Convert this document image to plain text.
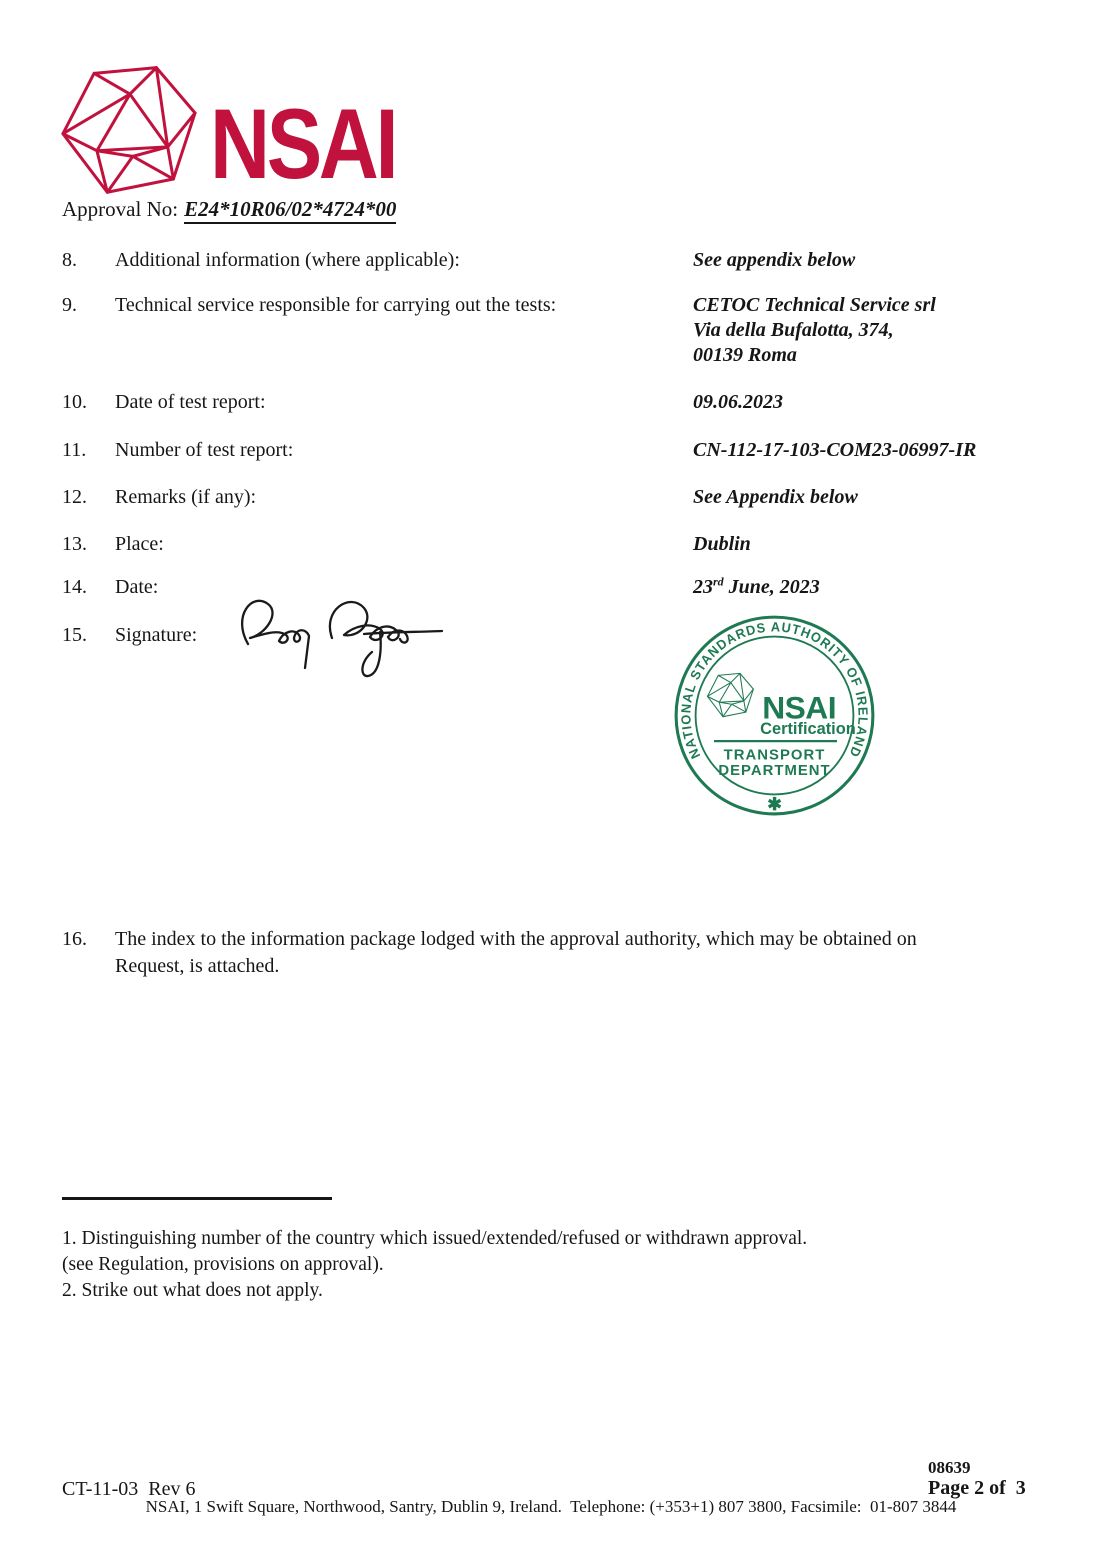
NSAI
Approval No: E24*10R06/02*4724*00
8. Additional information (where applicable):	See appendix below
9. Technical service responsible for carrying out the tests:	CETOC Technical Service srl
Via della Bufalotta, 374,
00139 Roma
10. Date of test report:	09.06.2023
11. Number of test report:	CN-112-17-103-COM23-06997-IR
12. Remarks (if any):	See Appendix below
13. Place:	Dublin
14. Date:	23rd June, 2023
15. Signature:
NATIONAL STANDARDS AUTHORITY OF IRELAND
NSAI
Certification
TRANSPORT
DEPARTMENT
✱
16. The index to the information package lodged with the approval authority, which may be obtained on
Request, is attached.
1. Distinguishing number of the country which issued/extended/refused or withdrawn approval.
(see Regulation, provisions on approval).
2. Strike out what does not apply.
CT-11-03  Rev 6
08639
Page 2 of  3
NSAI, 1 Swift Square, Northwood, Santry, Dublin 9, Ireland.  Telephone: (+353+1) 807 3800, Facsimile:  01-807 3844
